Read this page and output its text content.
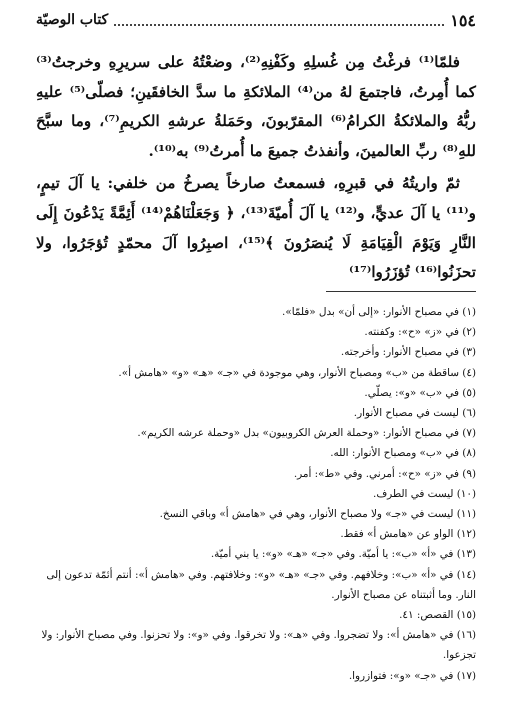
١٥٤
كتاب الوصيّة

فلمّا⁽¹⁾ فرغْتُ مِن غُسلِهِ وكَفْنِهِ⁽²⁾، وضعْتُهُ على سريرِهِ وخرجتُ⁽³⁾ كما أُمِرتُ، فاجتمعَ لهُ من⁽⁴⁾ الملائكةِ ما سدَّ الخافقَينِ؛ فصلّى⁽⁵⁾ عليهِ ربُّهُ والملائكةُ الكرامُ⁽⁶⁾ المقرّبونَ، وحَمَلةُ عرشهِ الكريمِ⁽⁷⁾، وما سبَّحَ للهِ⁽⁸⁾ ربِّ العالمينَ، وأنفذتُ جميعَ ما أُمرتُ⁽⁹⁾ به⁽¹⁰⁾.

ثمّ واريتُهُ في قبرِهِ، فسمعتُ صارخاً يصرخُ من خلفي: يا آلَ تيمٍ، و⁽¹¹⁾ يا آلَ عديٍّ، و⁽¹²⁾ يا آلَ أُميّةَ⁽¹³⁾، ﴿ وَجَعَلْنَاهُمْ⁽¹⁴⁾ أَئِمَّةً يَدْعُونَ إِلَى النَّارِ وَيَوْمَ الْقِيَامَةِ لَا يُنصَرُونَ ﴾⁽¹⁵⁾، اصبِرُوا آلَ محمّدٍ تُؤجَرُوا، ولا تحزَنُوا⁽¹⁶⁾ تُؤزَرُوا⁽¹⁷⁾

(١) في مصباح الأنوار: «إلى أن» بدل «فلمّا».
(٢) في «ز» «ح»: وكفنته.
(٣) في مصباح الأنوار: وأخرجته.
(٤) ساقطة من «ب» ومصباح الأنوار، وهي موجودة في «جـ» «هـ» «و» «هامش أ».
(٥) في «ب» «و»: يصلّي.
(٦) ليست في مصباح الأنوار.
(٧) في مصباح الأنوار: «وحملة العرش الكروبيون» بدل «وحملة عرشه الكريم».
(٨) في «ب» ومصباح الأنوار: الله.
(٩) في «ز» «ح»: أمرني. وفي «ط»: أمر.
(١٠) ليست في الطرف.
(١١) ليست في «جـ» ولا مصباح الأنوار، وهي في «هامش أ» وباقي النسخ.
(١٢) الواو عن «هامش أ» فقط.
(١٣) في «أ» «ب»: يا أميّة. وفي «جـ» «هـ» «و»: يا بني أميّة.
(١٤) في «أ» «ب»: وخلافهم. وفي «جـ» «هـ» «و»: وخلافتهم. وفي «هامش أ»: أنتم أئمّة تدعون إلى النار. وما أثبتناه عن مصباح الأنوار.
(١٥) القصص: ٤١.
(١٦) في «هامش أ»: ولا تضجروا. وفي «هـ»: ولا تخرقوا. وفي «و»: ولا تحزنوا. وفي مصباح الأنوار: ولا تجزعوا.
(١٧) في «جـ» «و»: فتوازروا.
